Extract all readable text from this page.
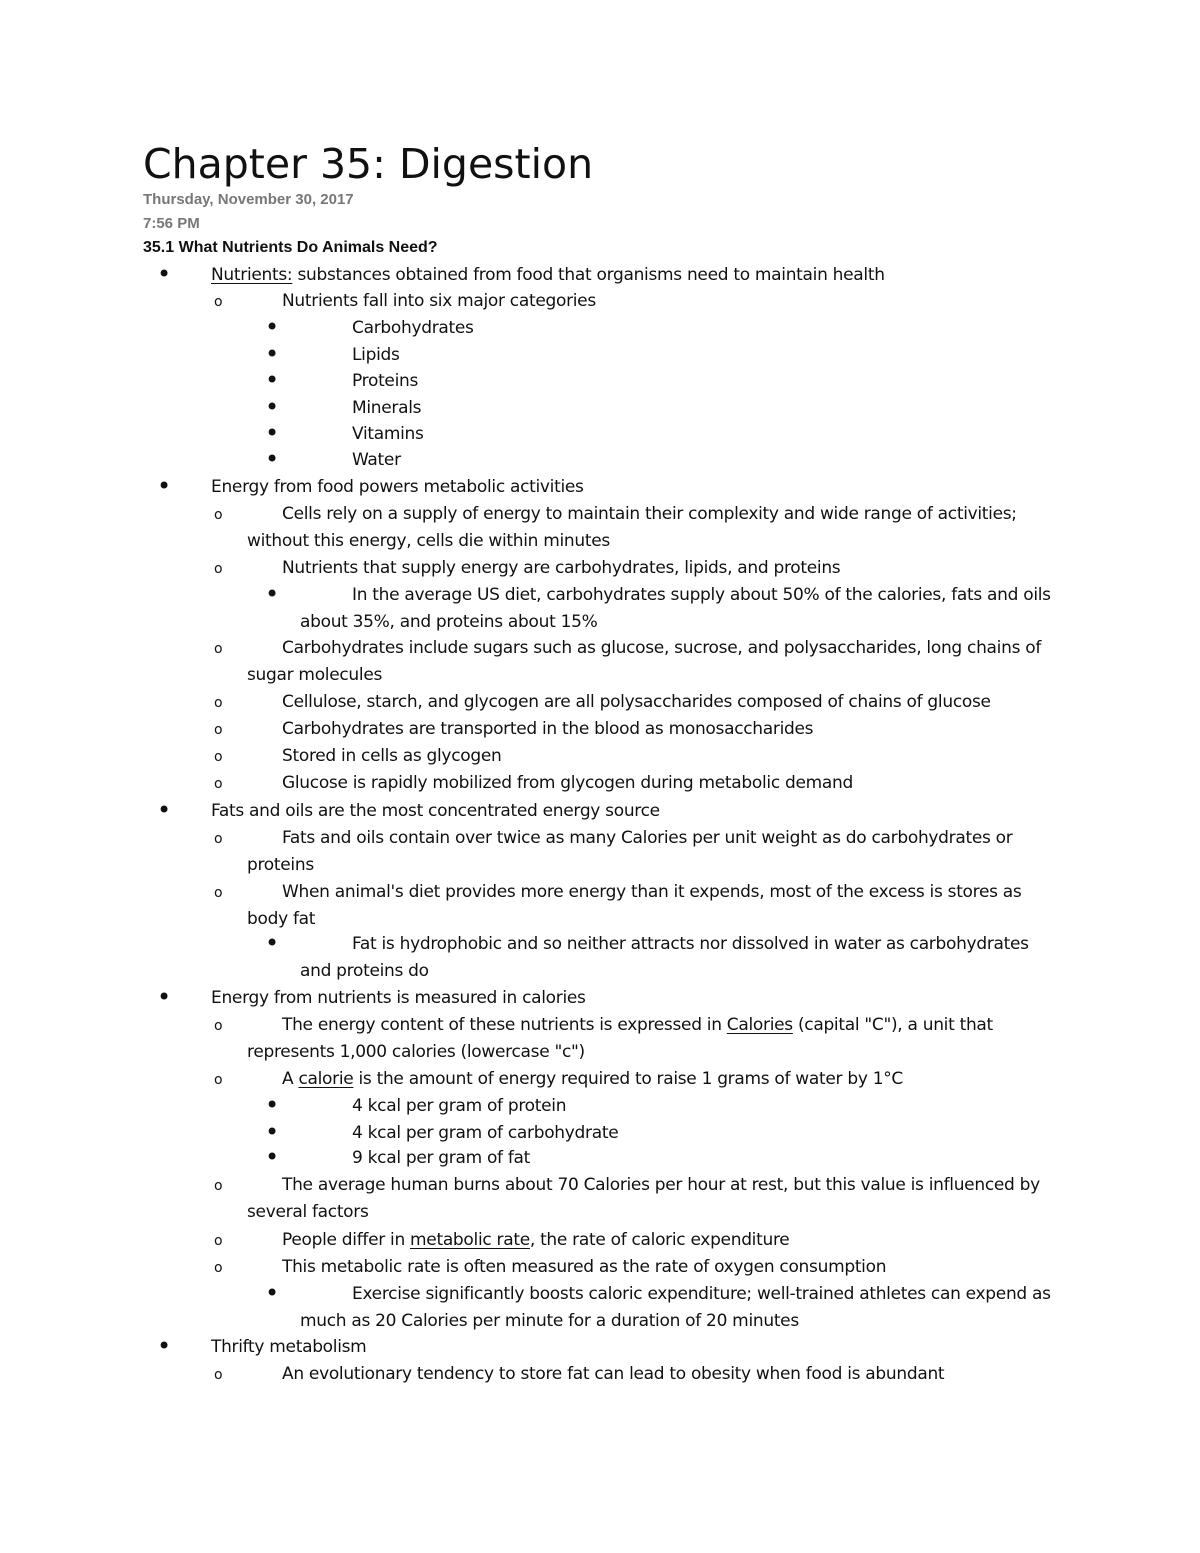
Chapter 35: Digestion
Thursday, November 30, 2017
7:56 PM
35.1 What Nutrients Do Animals Need?
• Nutrients: substances obtained from food that organisms need to maintain health
o	Nutrients fall into six major categories
•	Carbohydrates
•	Lipids
•	Proteins
•	Minerals
•	Vitamins
•	Water
• Energy from food powers metabolic activities
o	Cells rely on a supply of energy to maintain their complexity and wide range of activities; without this energy, cells die within minutes
o	Nutrients that supply energy are carbohydrates, lipids, and proteins
•	In the average US diet, carbohydrates supply about 50% of the calories, fats and oils about 35%, and proteins about 15%
o	Carbohydrates include sugars such as glucose, sucrose, and polysaccharides, long chains of sugar molecules
o	Cellulose, starch, and glycogen are all polysaccharides composed of chains of glucose
o	Carbohydrates are transported in the blood as monosaccharides
o	Stored in cells as glycogen
o	Glucose is rapidly mobilized from glycogen during metabolic demand
• Fats and oils are the most concentrated energy source
o	Fats and oils contain over twice as many Calories per unit weight as do carbohydrates or proteins
o	When animal's diet provides more energy than it expends, most of the excess is stores as body fat
•	Fat is hydrophobic and so neither attracts nor dissolved in water as carbohydrates and proteins do
• Energy from nutrients is measured in calories
o	The energy content of these nutrients is expressed in Calories (capital "C"), a unit that represents 1,000 calories (lowercase "c")
o	A calorie is the amount of energy required to raise 1 grams of water by 1°C
•	4 kcal per gram of protein
•	4 kcal per gram of carbohydrate
•	9 kcal per gram of fat
o	The average human burns about 70 Calories per hour at rest, but this value is influenced by several factors
o	People differ in metabolic rate, the rate of caloric expenditure
o	This metabolic rate is often measured as the rate of oxygen consumption
•	Exercise significantly boosts caloric expenditure; well-trained athletes can expend as much as 20 Calories per minute for a duration of 20 minutes
• Thrifty metabolism
o	An evolutionary tendency to store fat can lead to obesity when food is abundant
